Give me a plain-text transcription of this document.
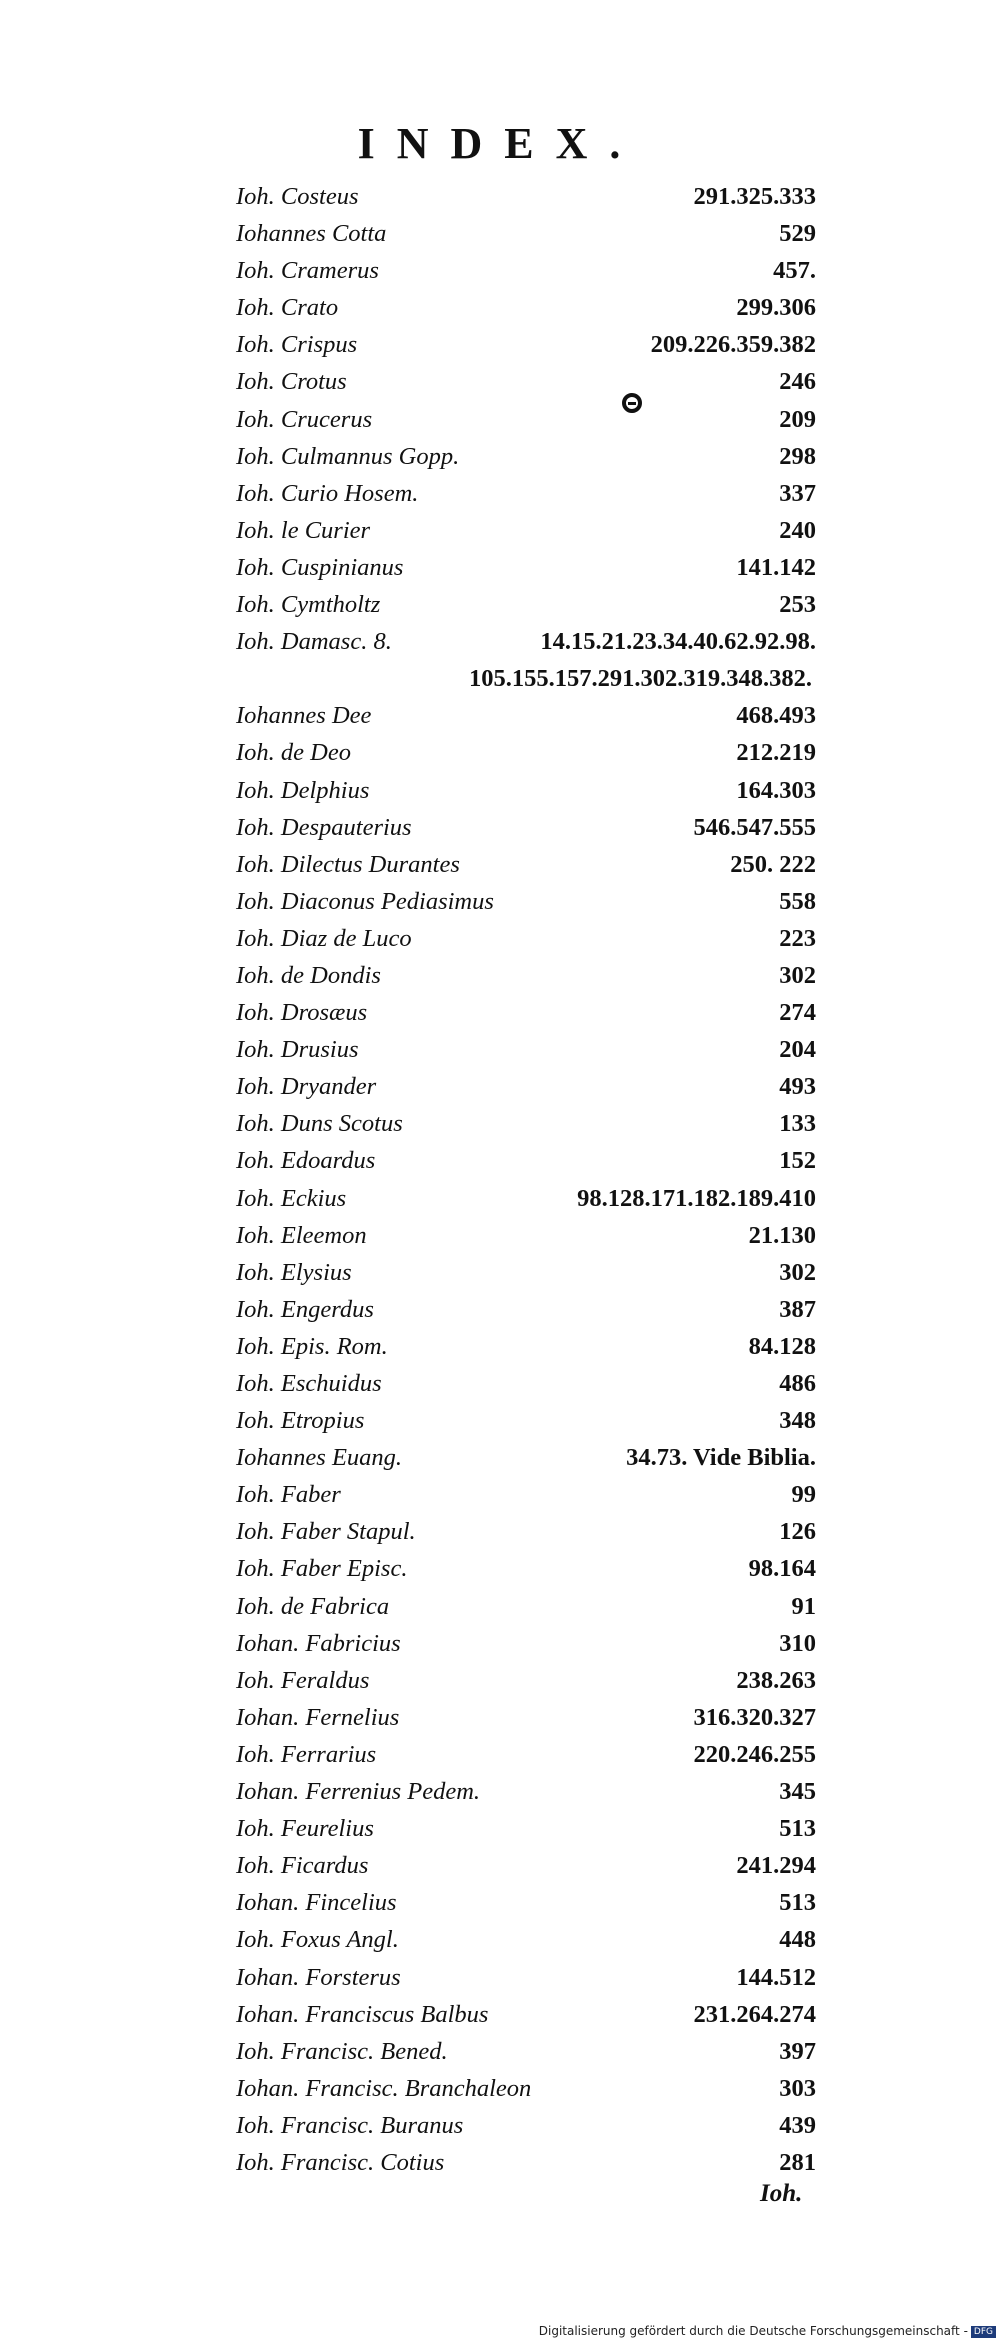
INDEX.
Ioh. Costeus	291.325.333
Iohannes Cotta	529
Ioh. Cramerus	457.
Ioh. Crato	299.306
Ioh. Crispus	209.226.359.382
Ioh. Crotus	246
Ioh. Crucerus	209
Ioh. Culmannus Gopp.	298
Ioh. Curio Hosem.	337
Ioh. le Curier	240
Ioh. Cuspinianus	141.142
Ioh. Cymtholtz	253
Ioh. Damasc. 8.	14.15.21.23.34.40.62.92.98.
105.155.157.291.302.319.348.382.
Iohannes Dee	468.493
Ioh. de Deo	212.219
Ioh. Delphius	164.303
Ioh. Despauterius	546.547.555
Ioh. Dilectus Durantes	250. 222
Ioh. Diaconus Pediasimus	558
Ioh. Diaz de Luco	223
Ioh. de Dondis	302
Ioh. Drosæus	274
Ioh. Drusius	204
Ioh. Dryander	493
Ioh. Duns Scotus	133
Ioh. Edoardus	152
Ioh. Eckius	98.128.171.182.189.410
Ioh. Eleemon	21.130
Ioh. Elysius	302
Ioh. Engerdus	387
Ioh. Epis. Rom.	84.128
Ioh. Eschuidus	486
Ioh. Etropius	348
Iohannes Euang.	34.73. Vide Biblia.
Ioh. Faber	99
Ioh. Faber Stapul.	126
Ioh. Faber Episc.	98.164
Ioh. de Fabrica	91
Iohan. Fabricius	310
Ioh. Feraldus	238.263
Iohan. Fernelius	316.320.327
Ioh. Ferrarius	220.246.255
Iohan. Ferrenius Pedem.	345
Ioh. Feurelius	513
Ioh. Ficardus	241.294
Iohan. Fincelius	513
Ioh. Foxus Angl.	448
Iohan. Forsterus	144.512
Iohan. Franciscus Balbus	231.264.274
Ioh. Francisc. Bened.	397
Iohan. Francisc. Branchaleon	303
Ioh. Francisc. Buranus	439
Ioh. Francisc. Cotius	281
Ioh.
Digitalisierung gefördert durch die Deutsche Forschungsgemeinschaft - DFG
